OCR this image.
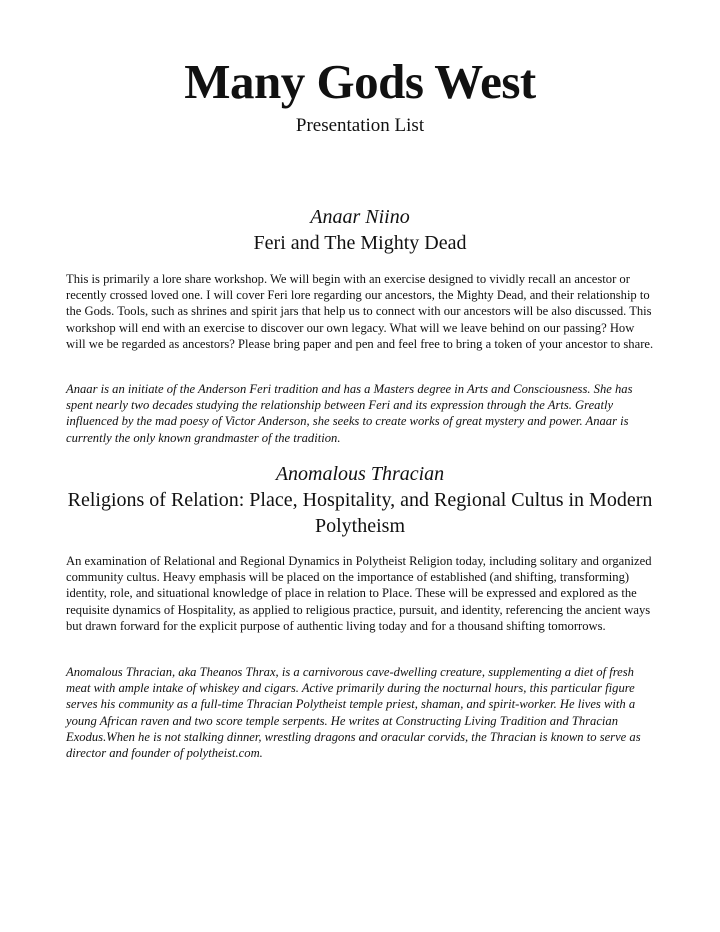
Many Gods West
Presentation List
Anaar Niino
Feri and The Mighty Dead

This is primarily a lore share workshop. We will begin with an exercise designed to vividly recall an ancestor or recently crossed loved one. I will cover Feri lore regarding our ancestors, the Mighty Dead, and their relationship to the Gods. Tools, such as shrines and spirit jars that help us to connect with our ancestors will be also discussed. This workshop will end with an exercise to discover our own legacy. What will we leave behind on our passing? How will we be regarded as ancestors? Please bring paper and pen and feel free to bring a token of your ancestor to share.

Anaar is an initiate of the Anderson Feri tradition and has a Masters degree in Arts and Consciousness. She has spent nearly two decades studying the relationship between Feri and its expression through the Arts. Greatly influenced by the mad poesy of Victor Anderson, she seeks to create works of great mystery and power. Anaar is currently the only known grandmaster of the tradition.

Anomalous Thracian
Religions of Relation: Place, Hospitality, and Regional Cultus in Modern Polytheism

An examination of Relational and Regional Dynamics in Polytheist Religion today, including solitary and organized community cultus. Heavy emphasis will be placed on the importance of established (and shifting, transforming) identity, role, and situational knowledge of place in relation to Place. These will be expressed and explored as the requisite dynamics of Hospitality, as applied to religious practice, pursuit, and identity, referencing the ancient ways but drawn forward for the explicit purpose of authentic living today and for a thousand shifting tomorrows.

Anomalous Thracian, aka Theanos Thrax, is a carnivorous cave-dwelling creature, supplementing a diet of fresh meat with ample intake of whiskey and cigars. Active primarily during the nocturnal hours, this particular figure serves his community as a full-time Thracian Polytheist temple priest, shaman, and spirit-worker. He lives with a young African raven and two score temple serpents. He writes at Constructing Living Tradition and Thracian Exodus.When he is not stalking dinner, wrestling dragons and oracular corvids, the Thracian is known to serve as director and founder of polytheist.com.
